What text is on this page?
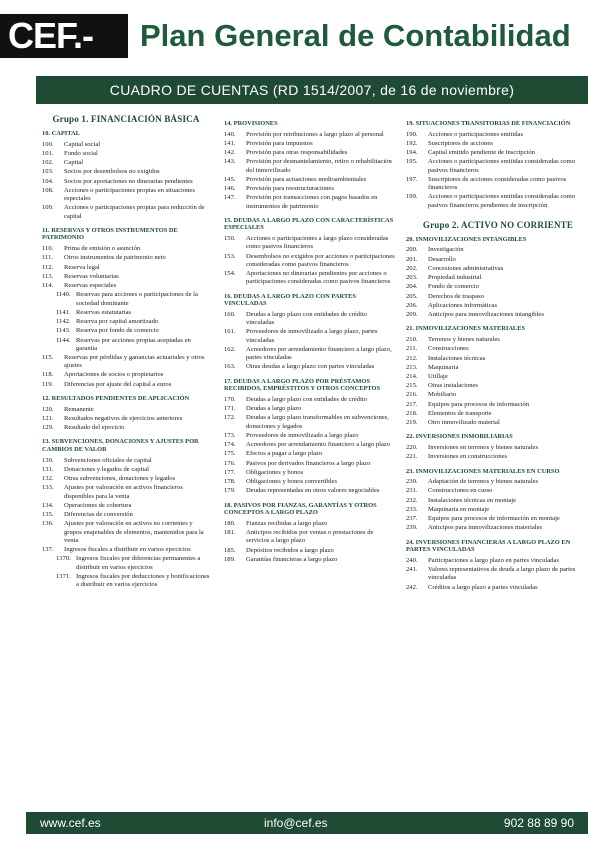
CEF.-	Plan General de Contabilidad
CUADRO DE CUENTAS (RD 1514/2007, de 16 de noviembre)
Grupo 1. FINANCIACIÓN BÁSICA
10. CAPITAL
100.	Capital social
101.	Fondo social
102.	Capital
103.	Socios por desembolsos no exigidos
104.	Socios por aportaciones no dinerarias pendientes
108.	Acciones o participaciones propias en situaciones especiales
109.	Acciones o participaciones propias para reducción de capital
11. RESERVAS Y OTROS INSTRUMENTOS DE PATRIMONIO
110.	Prima de emisión o asunción
111.	Otros instrumentos de patrimonio neto
112.	Reserva legal
113.	Reservas voluntarias
114.	Reservas especiales
1140. Reservas para acciones o participaciones de la sociedad dominante
1141. Reservas estatutarias
1142. Reserva por capital amortizado
1143. Reserva por fondo de comercio
1144. Reservas por acciones propias aceptadas en garantía
115.	Reservas por pérdidas y ganancias actuariales y otros ajustes
118.	Aportaciones de socios o propietarios
119.	Diferencias por ajuste del capital a euros
12. RESULTADOS PENDIENTES DE APLICACIÓN
120.	Remanente
121.	Resultados negativos de ejercicios anteriores
129.	Resultado del ejercicio
13. SUBVENCIONES, DONACIONES Y AJUSTES POR CAMBIOS DE VALOR
130.	Subvenciones oficiales de capital
131.	Donaciones y legados de capital
132.	Otras subvenciones, donaciones y legados
133.	Ajustes por valoración en activos financieros disponibles para la venta
134.	Operaciones de cobertura
135.	Diferencias de conversión
136.	Ajustes por valoración en activos no corrientes y grupos enajenables de elementos, mantenidos para la venta
137.	Ingresos fiscales a distribuir en varios ejercicios
1370. Ingresos fiscales por diferencias permanentes a distribuir en varios ejercicios
1371. Ingresos fiscales por deducciones y bonificaciones a distribuir en varios ejercicios
14. PROVISIONES
140.	Provisión por retribuciones a largo plazo al personal
141.	Provisión para impuestos
142.	Provisión para otras responsabilidades
143.	Provisión por desmantelamiento, retiro o rehabilitación del inmovilizado
145.	Provisión para actuaciones medioambientales
146.	Provisión para reestructuraciones
147.	Provisión por transacciones con pagos basados en instrumentos de patrimonio
15. DEUDAS A LARGO PLAZO CON CARACTERÍSTICAS ESPECIALES
150.	Acciones o participaciones a largo plazo consideradas como pasivos financieros
153.	Desembolsos no exigidos por acciones o participaciones consideradas como pasivos financieros
154.	Aportaciones no dinerarias pendientes por acciones o participaciones consideradas como pasivos financieros
16. DEUDAS A LARGO PLAZO CON PARTES VINCULADAS
160.	Deudas a largo plazo con entidades de crédito vinculadas
161.	Proveedores de inmovilizado a largo plazo, partes vinculadas
162.	Acreedores por arrendamiento financiero a largo plazo, partes vinculadas
163.	Otras deudas a largo plazo con partes vinculadas
17. DEUDAS A LARGO PLAZO POR PRÉSTAMOS RECIBIDOS, EMPRÉSTITOS Y OTROS CONCEPTOS
170.	Deudas a largo plazo con entidades de crédito
171.	Deudas a largo plazo
172.	Deudas a largo plazo transformables en subvenciones, donaciones y legados
173.	Proveedores de inmovilizado a largo plazo
174.	Acreedores por arrendamiento financiero a largo plazo
175.	Efectos a pagar a largo plazo
176.	Pasivos por derivados financieros a largo plazo
177.	Obligaciones y bonos
178.	Obligaciones y bonos convertibles
179.	Deudas representadas en otros valores negociables
18. PASIVOS POR FIANZAS, GARANTÍAS Y OTROS CONCEPTOS A LARGO PLAZO
180.	Fianzas recibidas a largo plazo
181.	Anticipos recibidos por ventas o prestaciones de servicios a largo plazo
185.	Depósitos recibidos a largo plazo
189.	Garantías financieras a largo plazo
19. SITUACIONES TRANSITORIAS DE FINANCIACIÓN
190.	Acciones o participaciones emitidas
192.	Suscriptores de acciones
194.	Capital emitido pendiente de inscripción
195.	Acciones o participaciones emitidas consideradas como pasivos financieros
197.	Suscriptores de acciones consideradas como pasivos financieros
199.	Acciones o participaciones emitidas consideradas como pasivos financieros pendientes de inscripción
Grupo 2. ACTIVO NO CORRIENTE
20. INMOVILIZACIONES INTANGIBLES
200.	Investigación
201.	Desarrollo
202.	Concesiones administrativas
203.	Propiedad industrial
204.	Fondo de comercio
205.	Derechos de traspaso
206.	Aplicaciones informáticas
209.	Anticipos para inmovilizaciones intangibles
21. INMOVILIZACIONES MATERIALES
210.	Terrenos y bienes naturales
211.	Construcciones
212.	Instalaciones técnicas
213.	Maquinaria
214.	Utillaje
215.	Otras instalaciones
216.	Mobiliario
217.	Equipos para procesos de información
218.	Elementos de transporte
219.	Otro inmovilizado material
22. INVERSIONES INMOBILIARIAS
220.	Inversiones en terrenos y bienes naturales
221.	Inversiones en construcciones
23. INMOVILIZACIONES MATERIALES EN CURSO
230.	Adaptación de terrenos y bienes naturales
231.	Construcciones en curso
232.	Instalaciones técnicas en montaje
233.	Maquinaria en montaje
237.	Equipos para procesos de información en montaje
239.	Anticipos para inmovilizaciones materiales
24. INVERSIONES FINANCIERAS A LARGO PLAZO EN PARTES VINCULADAS
240.	Participaciones a largo plazo en partes vinculadas
241.	Valores representativos de deuda a largo plazo de partes vinculadas
242.	Créditos a largo plazo a partes vinculadas
www.cef.es	info@cef.es	902 88 89 90
